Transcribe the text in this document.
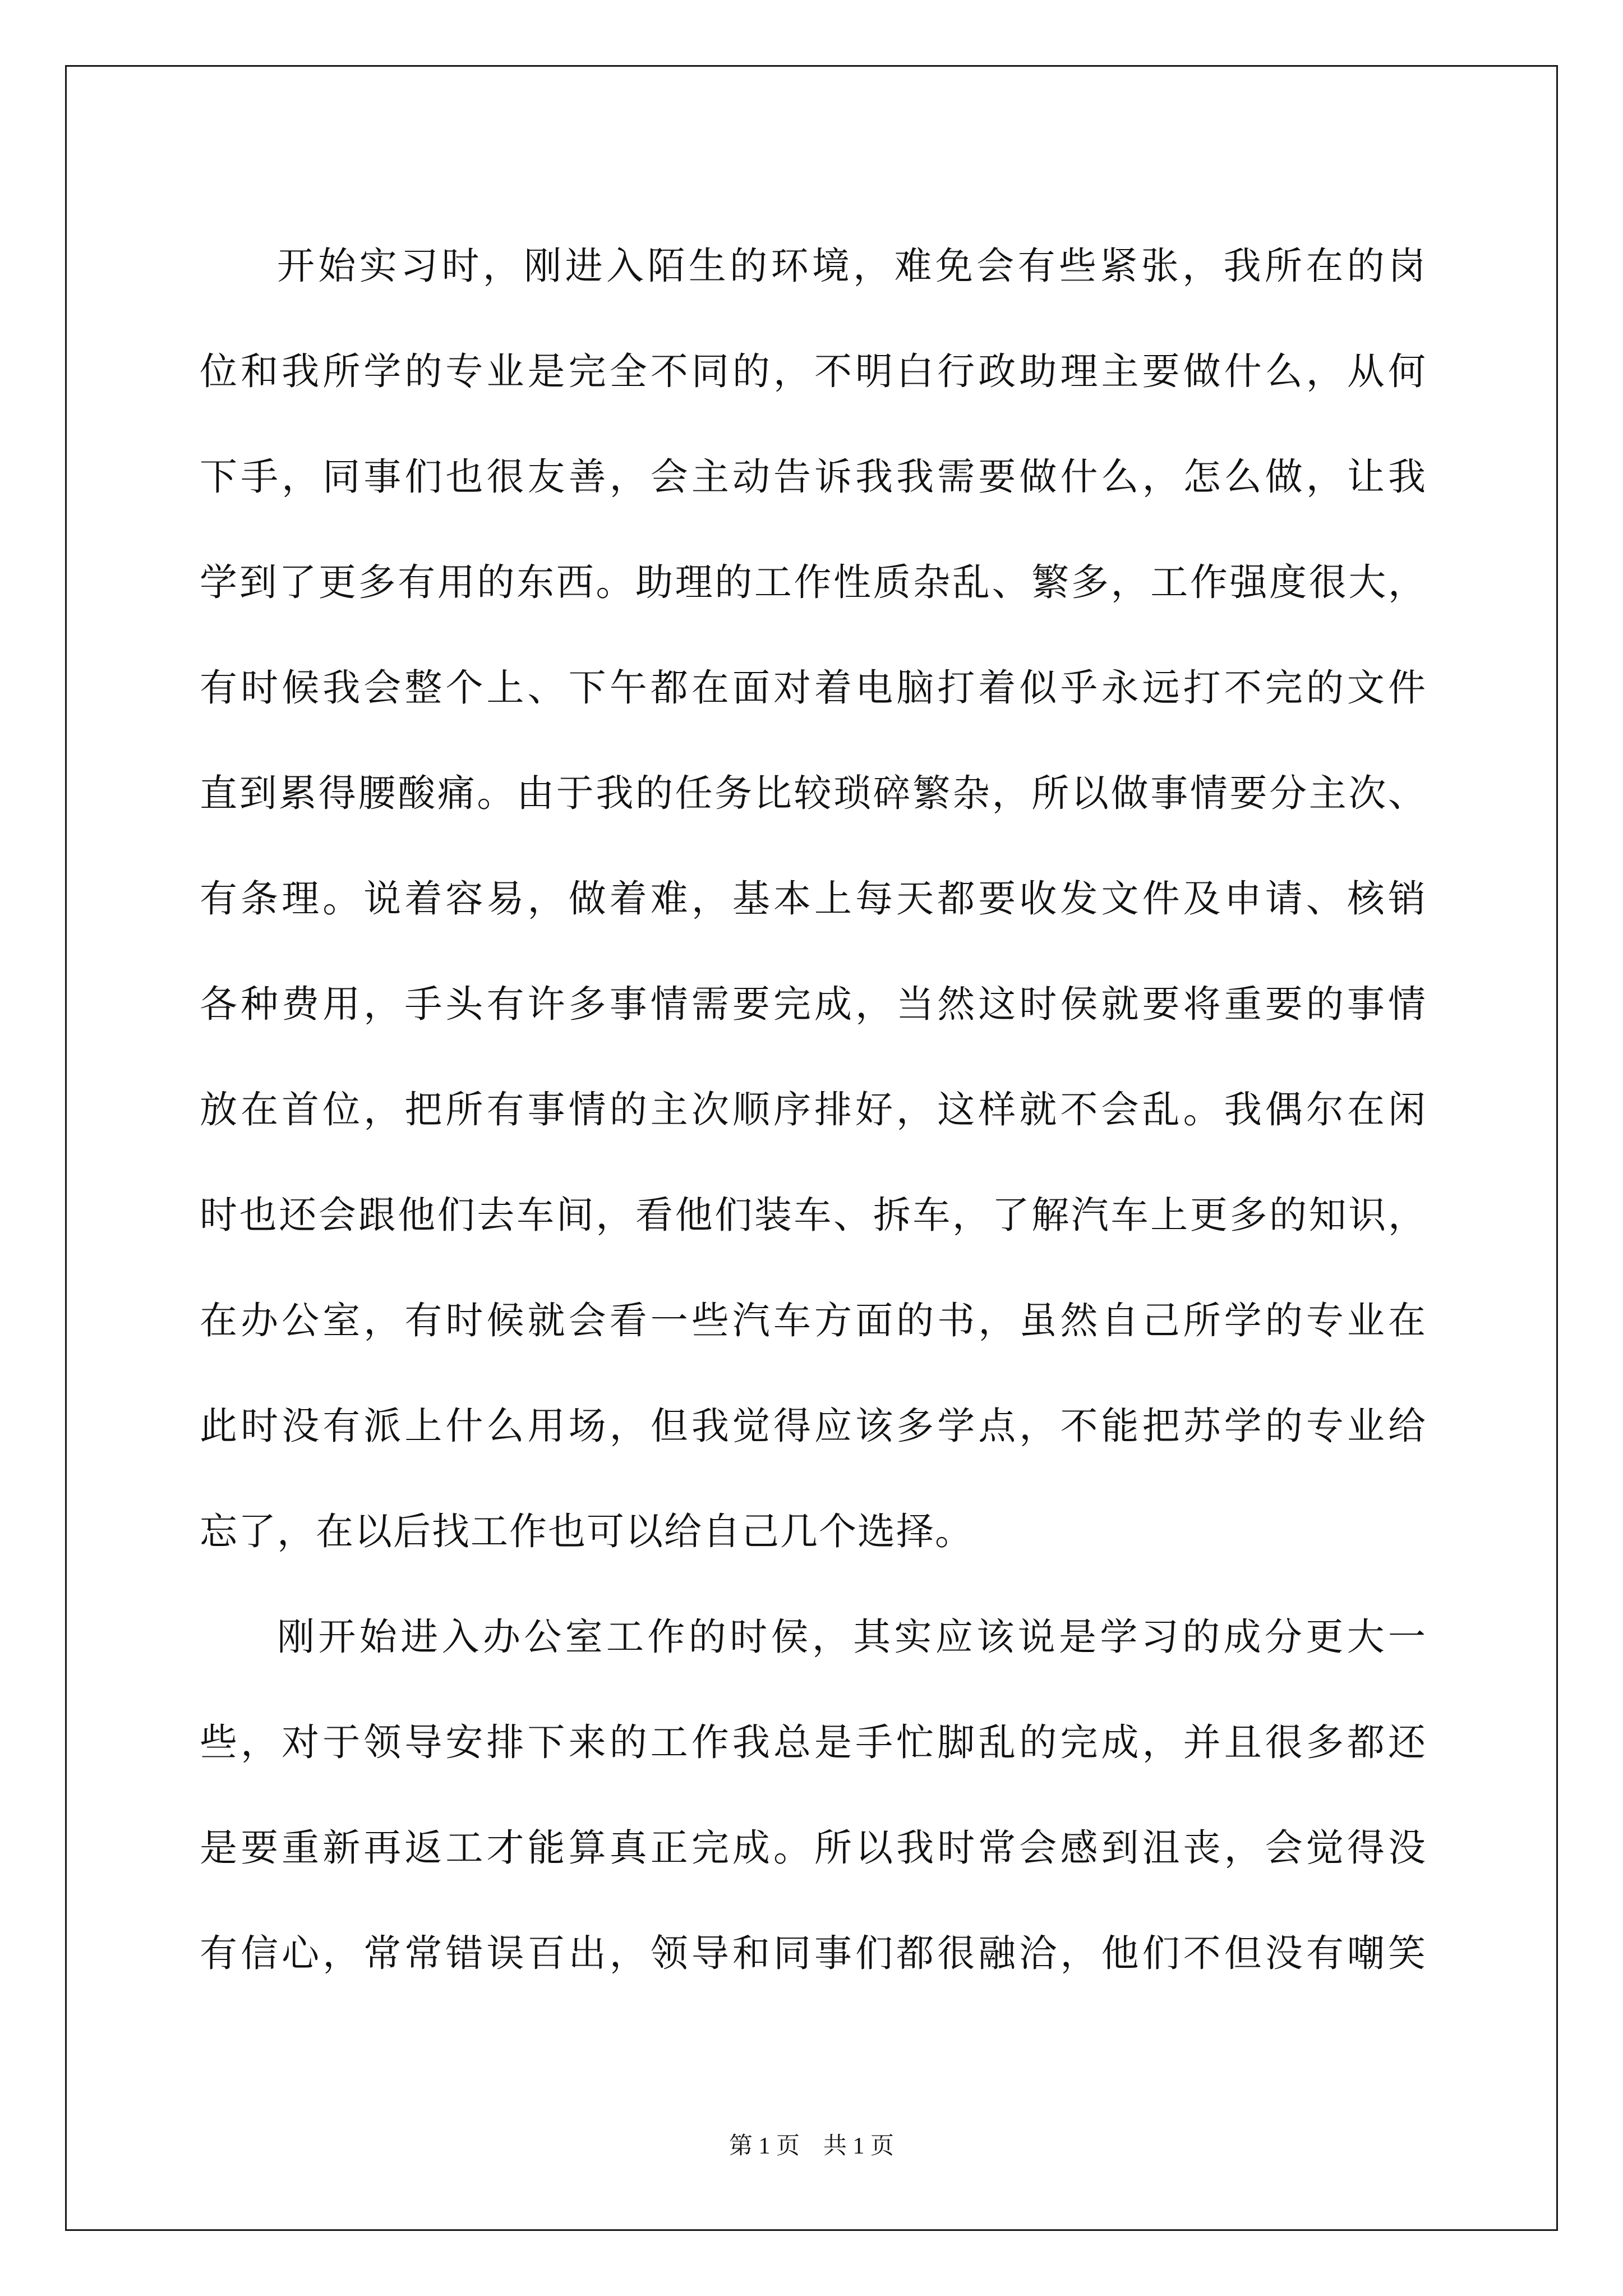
开始实习时，刚进入陌生的环境，难免会有些紧张，我所在的岗
位和我所学的专业是完全不同的，不明白行政助理主要做什么，从何
下手，同事们也很友善，会主动告诉我我需要做什么，怎么做，让我
学到了更多有用的东西。助理的工作性质杂乱、繁多，工作强度很大，
有时候我会整个上、下午都在面对着电脑打着似乎永远打不完的文件
直到累得腰酸痛。由于我的任务比较琐碎繁杂，所以做事情要分主次、
有条理。说着容易，做着难，基本上每天都要收发文件及申请、核销
各种费用，手头有许多事情需要完成，当然这时侯就要将重要的事情
放在首位，把所有事情的主次顺序排好，这样就不会乱。我偶尔在闲
时也还会跟他们去车间，看他们装车、拆车，了解汽车上更多的知识，
在办公室，有时候就会看一些汽车方面的书，虽然自己所学的专业在
此时没有派上什么用场，但我觉得应该多学点，不能把苏学的专业给
忘了，在以后找工作也可以给自己几个选择。
刚开始进入办公室工作的时侯，其实应该说是学习的成分更大一
些，对于领导安排下来的工作我总是手忙脚乱的完成，并且很多都还
是要重新再返工才能算真正完成。所以我时常会感到沮丧，会觉得没
有信心，常常错误百出，领导和同事们都很融洽，他们不但没有嘲笑
第 1 页    共 1 页
